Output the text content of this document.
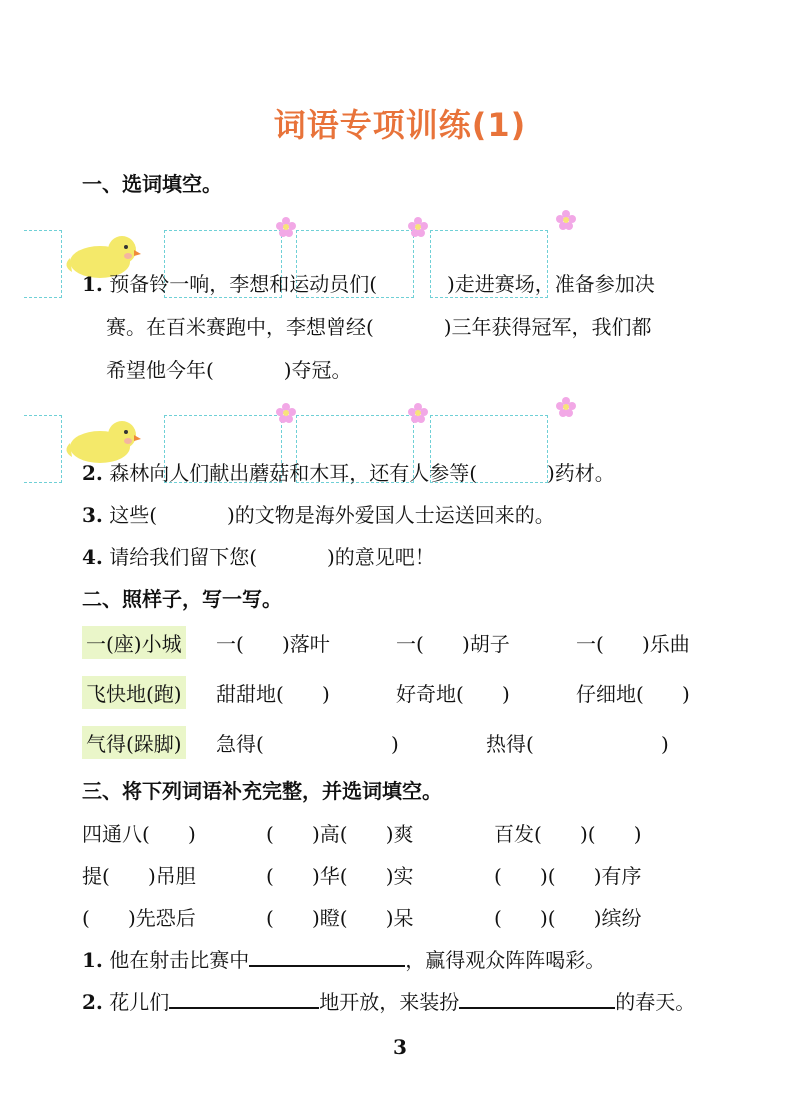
词语专项训练(1)
一、选词填空。
1. 预备铃一响，李想和运动员们(           )走进赛场，准备参加决
赛。在百米赛跑中，李想曾经(           )三年获得冠军，我们都
希望他今年(           )夺冠。
2. 森林向人们献出蘑菇和木耳，还有人参等(           )药材。
3. 这些(           )的文物是海外爱国人士运送回来的。
4. 请给我们留下您(           )的意见吧！
二、照样子，写一写。
一(座)小城 一(      )落叶	一(      )胡子	一(      )乐曲
飞快地(跑) 甜甜地(      )	好奇地(      )	仔细地(      )
气得(跺脚) 急得(                    )	热得(                    )
三、将下列词语补充完整，并选词填空。
四通八(      )	(      )高(      )爽	百发(      )(      )
提(      )吊胆	(      )华(      )实	(      )(      )有序
(      )先恐后	(      )瞪(      )呆	(      )(      )缤纷
1. 他在射击比赛中	，赢得观众阵阵喝彩。
2. 花儿们	地开放，来装扮	的春天。
3
